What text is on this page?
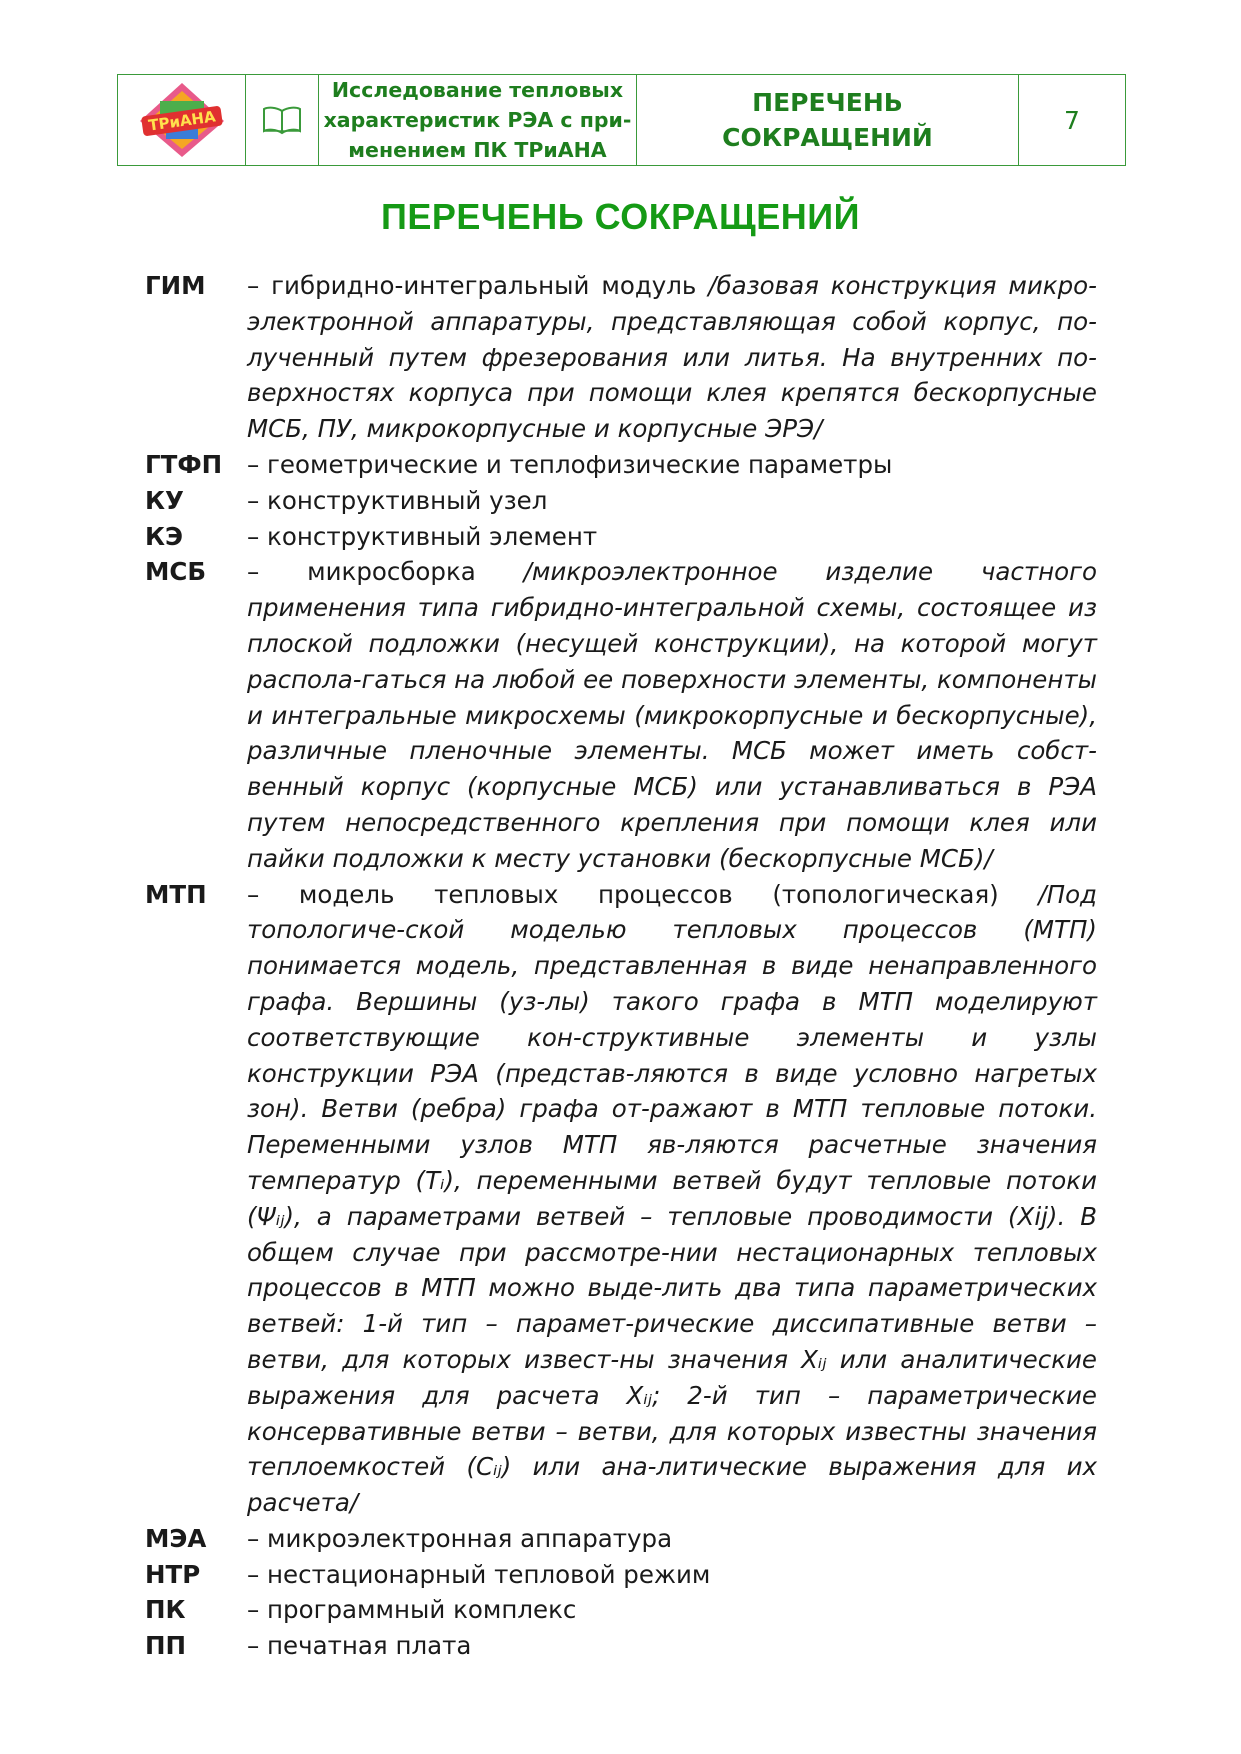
ТРиАНА
Исследование тепловых
характеристик РЭА с при-
менением ПК ТРиАНА
ПЕРЕЧЕНЬ
СОКРАЩЕНИЙ
7
ПЕРЕЧЕНЬ СОКРАЩЕНИЙ
ГИМ	– гибридно-интегральный модуль /базовая конструкция микро-электронной аппаратуры, представляющая собой корпус, по-лученный путем фрезерования или литья. На внутренних по-верхностях корпуса при помощи клея крепятся бескорпусные МСБ, ПУ, микрокорпусные и корпусные ЭРЭ/
ГТФП	– геометрические и теплофизические параметры
КУ	– конструктивный узел
КЭ	– конструктивный элемент
МСБ	– микросборка /микроэлектронное изделие частного применения типа гибридно-интегральной схемы, состоящее из плоской подложки (несущей конструкции), на которой могут распола-гаться на любой ее поверхности элементы, компоненты и интегральные микросхемы (микрокорпусные и бескорпусные), различные пленочные элементы. МСБ может иметь собст-венный корпус (корпусные МСБ) или устанавливаться в РЭА путем непосредственного крепления при помощи клея или пайки подложки к месту установки (бескорпусные МСБ)/
МТП	– модель тепловых процессов (топологическая) /Под топологиче-ской моделью тепловых процессов (МТП) понимается модель, представленная в виде ненаправленного графа. Вершины (уз-лы) такого графа в МТП моделируют соответствующие кон-структивные элементы и узлы конструкции РЭА (представ-ляются в виде условно нагретых зон). Ветви (ребра) графа от-ражают в МТП тепловые потоки. Переменными узлов МТП яв-ляются расчетные значения температур (Tᵢ), переменными ветвей будут тепловые потоки (Ψᵢⱼ), а параметрами ветвей – тепловые проводимости (Xij). В общем случае при рассмотре-нии нестационарных тепловых процессов в МТП можно выде-лить два типа параметрических ветвей: 1-й тип – парамет-рические диссипативные ветви – ветви, для которых извест-ны значения Xᵢⱼ или аналитические выражения для расчета Xᵢⱼ; 2-й тип – параметрические консервативные ветви – ветви, для которых известны значения теплоемкостей (Cᵢⱼ) или ана-литические выражения для их расчета/
МЭА	– микроэлектронная аппаратура
НТР	– нестационарный тепловой режим
ПК	– программный комплекс
ПП	– печатная плата
